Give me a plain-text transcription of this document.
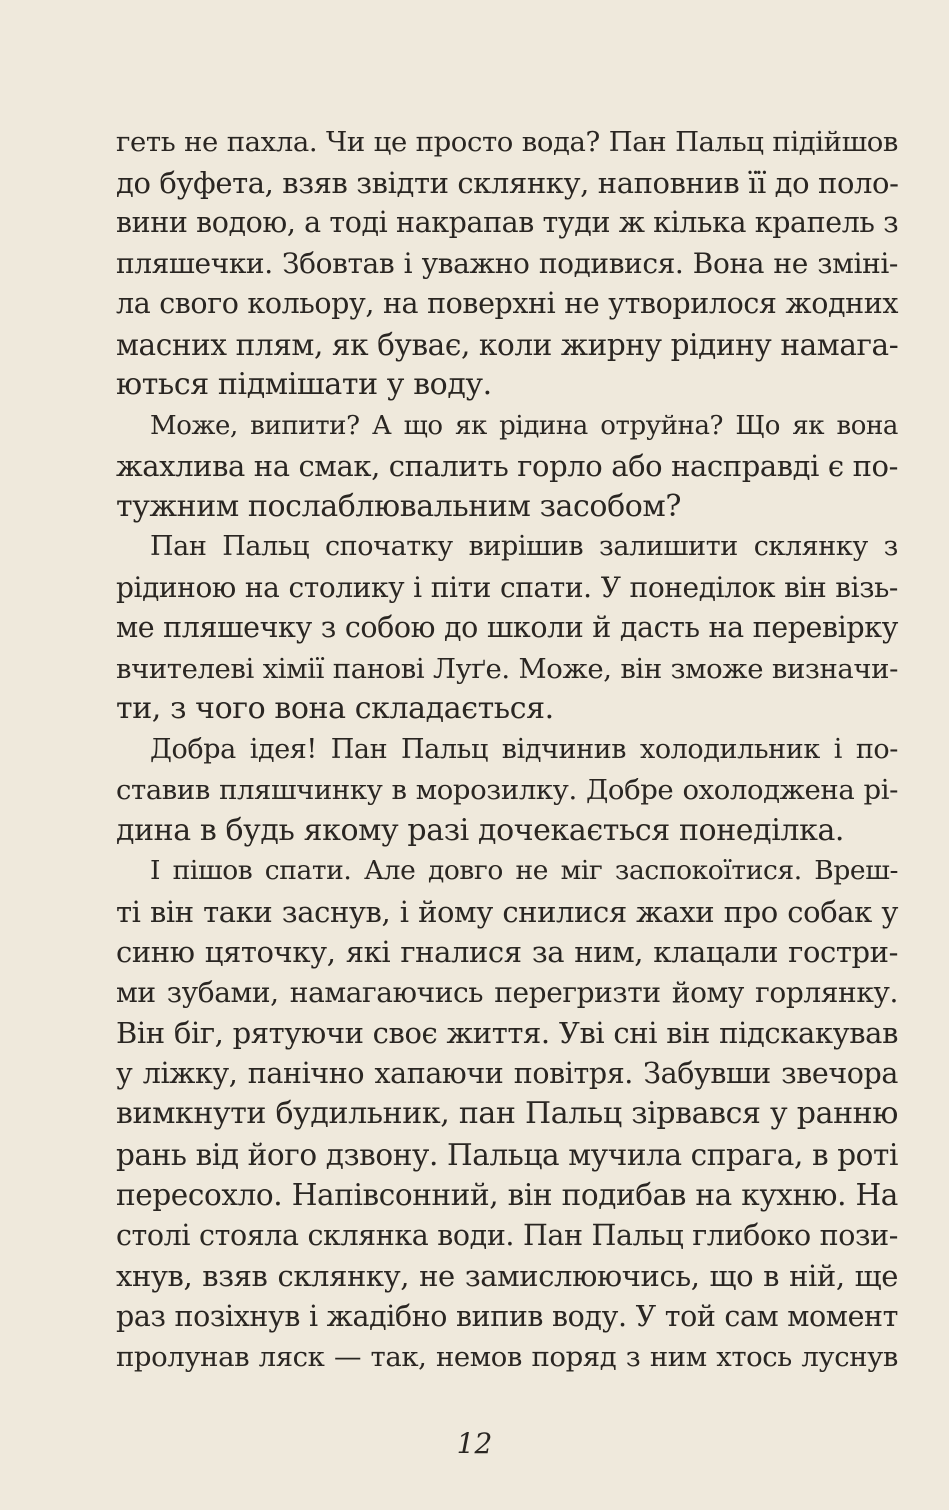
геть не пахла. Чи це просто вода? Пан Пальц підійшов
до буфета, взяв звідти склянку, наповнив її до поло-
вини водою, а тоді накрапав туди ж кілька крапель з
пляшечки. Збовтав і уважно подивися. Вона не змінi-
ла свого кольору, на поверхні не утворилося жодних
масних плям, як буває, коли жирну рідину намага-
ються підмішати у воду.
Може, випити? А що як рідина отруйна? Що як вона
жахлива на смак, спалить горло або насправді є по-
тужним послаблювальним засобом?
Пан Пальц спочатку вирішив залишити склянку з
рідиною на столику і піти спати. У понеділок він візь-
ме пляшечку з собою до школи й дасть на перевірку
вчителеві хімії панові Луґе. Може, він зможе визначи-
ти, з чого вона складається.
Добра ідея! Пан Пальц відчинив холодильник і по-
ставив пляшчинку в морозилку. Добре охолоджена рі-
дина в будь якому разі дочекається понеділка.
І пішов спати. Але довго не міг заспокоїтися. Вреш-
ті він таки заснув, і йому снилися жахи про собак у
синю цяточку, які гналися за ним, клацали гостри-
ми зубами, намагаючись перегризти йому горлянку.
Він біг, рятуючи своє життя. Уві сні він підскакував
у ліжку, панічно хапаючи повітря. Забувши звечора
вимкнути будильник, пан Пальц зірвався у ранню
рань від його дзвону. Пальца мучила спрага, в роті
пересохло. Напівсонний, він подибав на кухню. На
столі стояла склянка води. Пан Пальц глибоко пози-
хнув, взяв склянку, не замислюючись, що в ній, ще
раз позіхнув і жадібно випив воду. У той сам момент
пролунав ляск — так, немов поряд з ним хтось луснув
12
